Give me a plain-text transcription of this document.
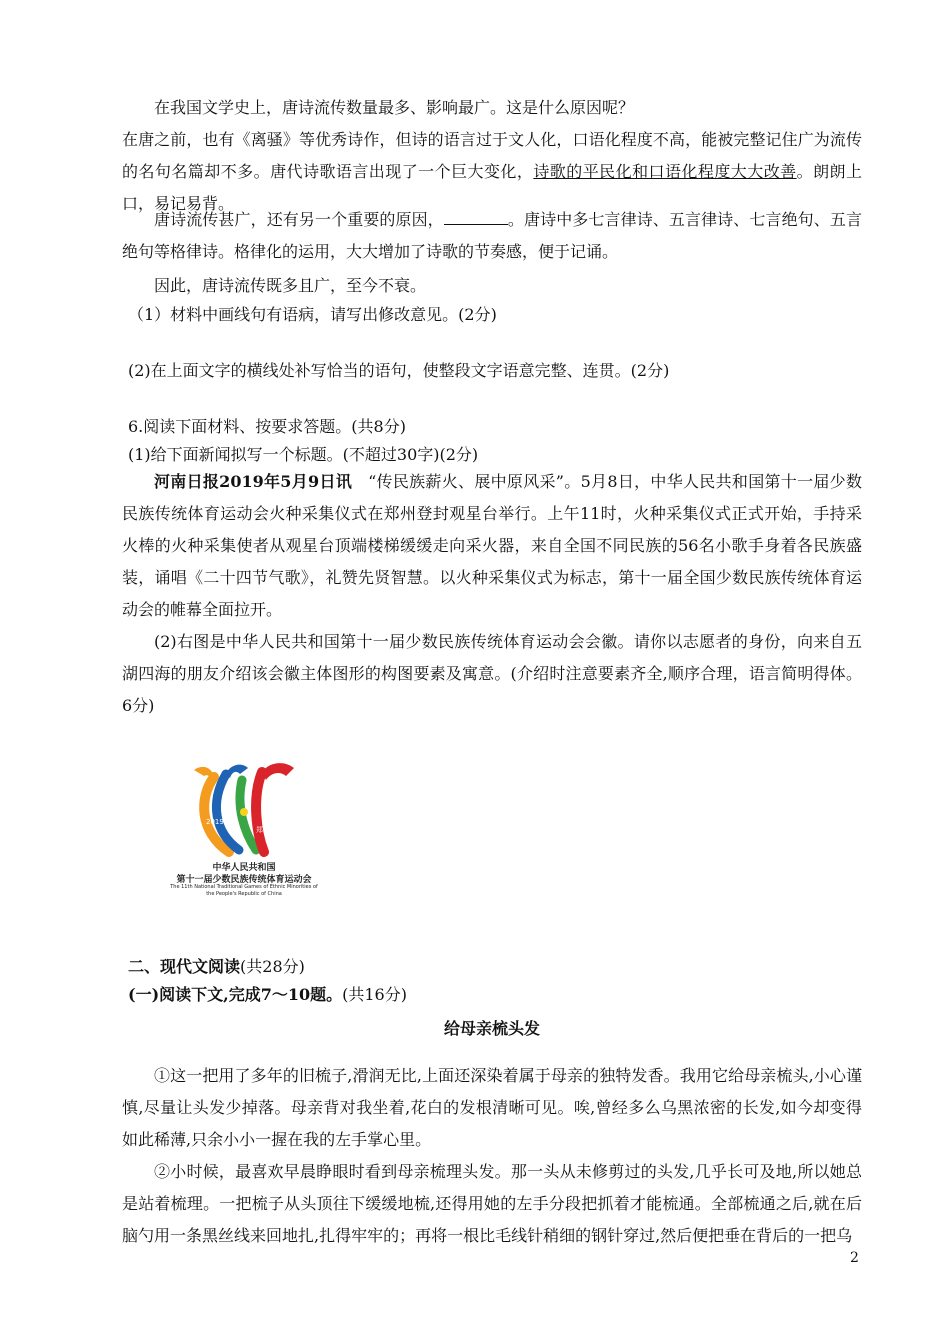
在我国文学史上，唐诗流传数量最多、影响最广。这是什么原因呢？
在唐之前，也有《离骚》等优秀诗作，但诗的语言过于文人化，口语化程度不高，能被完整记住广为流传的名句名篇却不多。唐代诗歌语言出现了一个巨大变化，诗歌的平民化和口语化程度大大改善。朗朗上口，易记易背。
唐诗流传甚广，还有另一个重要的原因，	。唐诗中多七言律诗、五言律诗、七言绝句、五言绝句等格律诗。格律化的运用，大大增加了诗歌的节奏感，便于记诵。
因此，唐诗流传既多且广，至今不衰。
（1）材料中画线句有语病，请写出修改意见。(2分)
(2)在上面文字的横线处补写恰当的语句，使整段文字语意完整、连贯。(2分)
6.阅读下面材料、按要求答题。(共8分)
(1)给下面新闻拟写一个标题。(不超过30字)(2分)
河南日报2019年5月9日讯  “传民族薪火、展中原风采”。5月8日，中华人民共和国第十一届少数民族传统体育运动会火种采集仪式在郑州登封观星台举行。上午11时，火种采集仪式正式开始，手持采火棒的火种采集使者从观星台顶端楼梯缓缓走向采火器，来自全国不同民族的56名小歌手身着各民族盛装，诵唱《二十四节气歌》，礼赞先贤智慧。以火种采集仪式为标志，第十一届全国少数民族传统体育运动会的帷幕全面拉开。
(2)右图是中华人民共和国第十一届少数民族传统体育运动会会徽。请你以志愿者的身份，向来自五湖四海的朋友介绍该会徽主体图形的构图要素及寓意。(介绍时注意要素齐全,顺序合理，语言简明得体。6分)
2019
郑州
中华人民共和国
第十一届少数民族传统体育运动会
The 11th National Traditional Games of Ethnic Minorities of
the People's Republic of China
二、现代文阅读(共28分)
(一)阅读下文,完成7～10题。(共16分)
给母亲梳头发
①这一把用了多年的旧梳子,滑润无比,上面还深染着属于母亲的独特发香。我用它给母亲梳头,小心谨慎,尽量让头发少掉落。母亲背对我坐着,花白的发根清晰可见。唉,曾经多么乌黑浓密的长发,如今却变得如此稀薄,只余小小一握在我的左手掌心里。
②小时候，最喜欢早晨睁眼时看到母亲梳理头发。那一头从未修剪过的头发,几乎长可及地,所以她总是站着梳理。一把梳子从头顶往下缓缓地梳,还得用她的左手分段把抓着才能梳通。全部梳通之后,就在后脑勺用一条黑丝线来回地扎,扎得牢牢的；再将一根比毛线针稍细的钢针穿过,然后便把垂在背后的一把乌
2
